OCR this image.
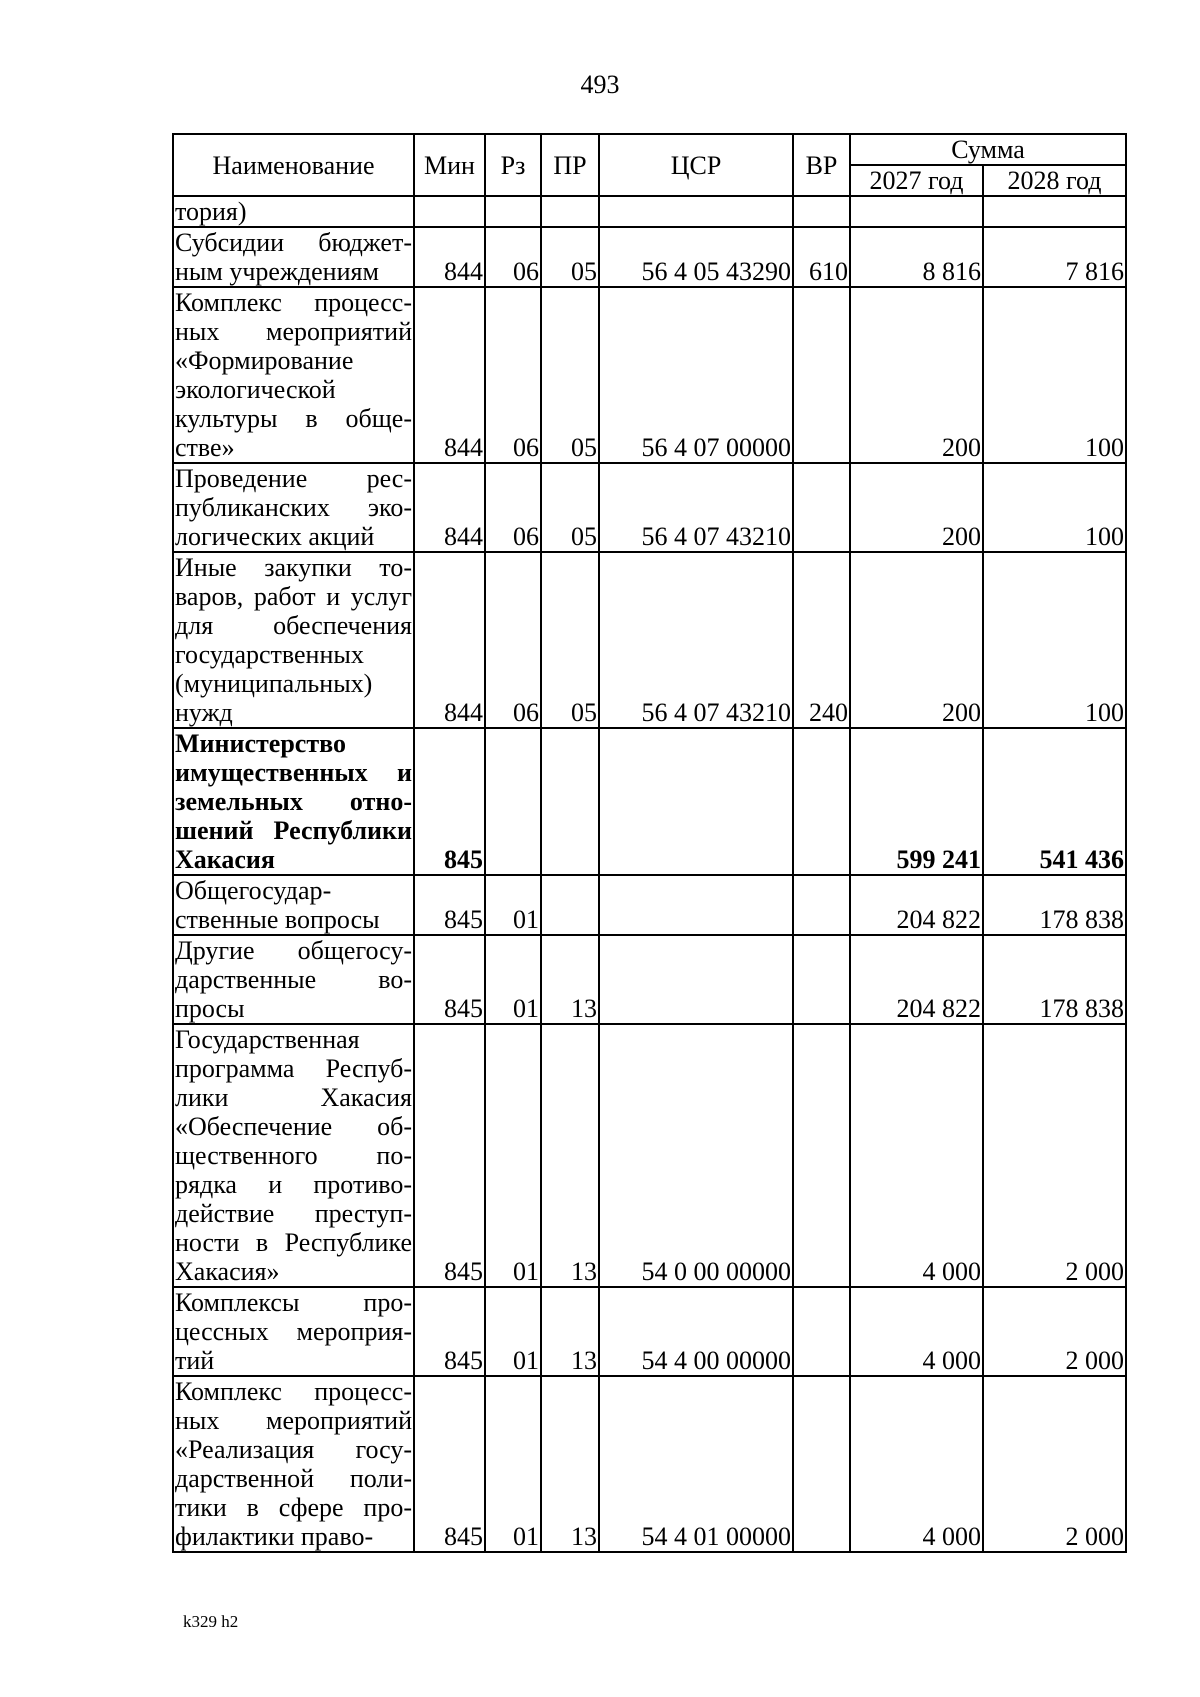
493
Наименование	Мин	Рз	ПР	ЦСР	ВР	Сумма	
						2027 год	2028 год
тория)							
Субсидии бюджетным учреждениям	844	06	05	56 4 05 43290	610	8 816	7 816
Комплекс процессных мероприятий «Формирование экологической культуры в обществе»	844	06	05	56 4 07 00000		200	100
Проведение республиканских экологических акций	844	06	05	56 4 07 43210		200	100
Иные закупки товаров, работ и услуг для обеспечения государственных (муниципальных) нужд	844	06	05	56 4 07 43210	240	200	100
Министерство имущественных и земельных отношений Республики Хакасия	845					599 241	541 436
Общегосударственные вопросы	845	01				204 822	178 838
Другие общегосударственные вопросы	845	01	13			204 822	178 838
Государственная программа Республики Хакасия «Обеспечение общественного порядка и противодействие преступности в Республике Хакасия»	845	01	13	54 0 00 00000		4 000	2 000
Комплексы процессных мероприятий	845	01	13	54 4 00 00000		4 000	2 000
Комплекс процессных мероприятий «Реализация государственной политики в сфере профилактики право-	845	01	13	54 4 01 00000		4 000	2 000
k329 h2
